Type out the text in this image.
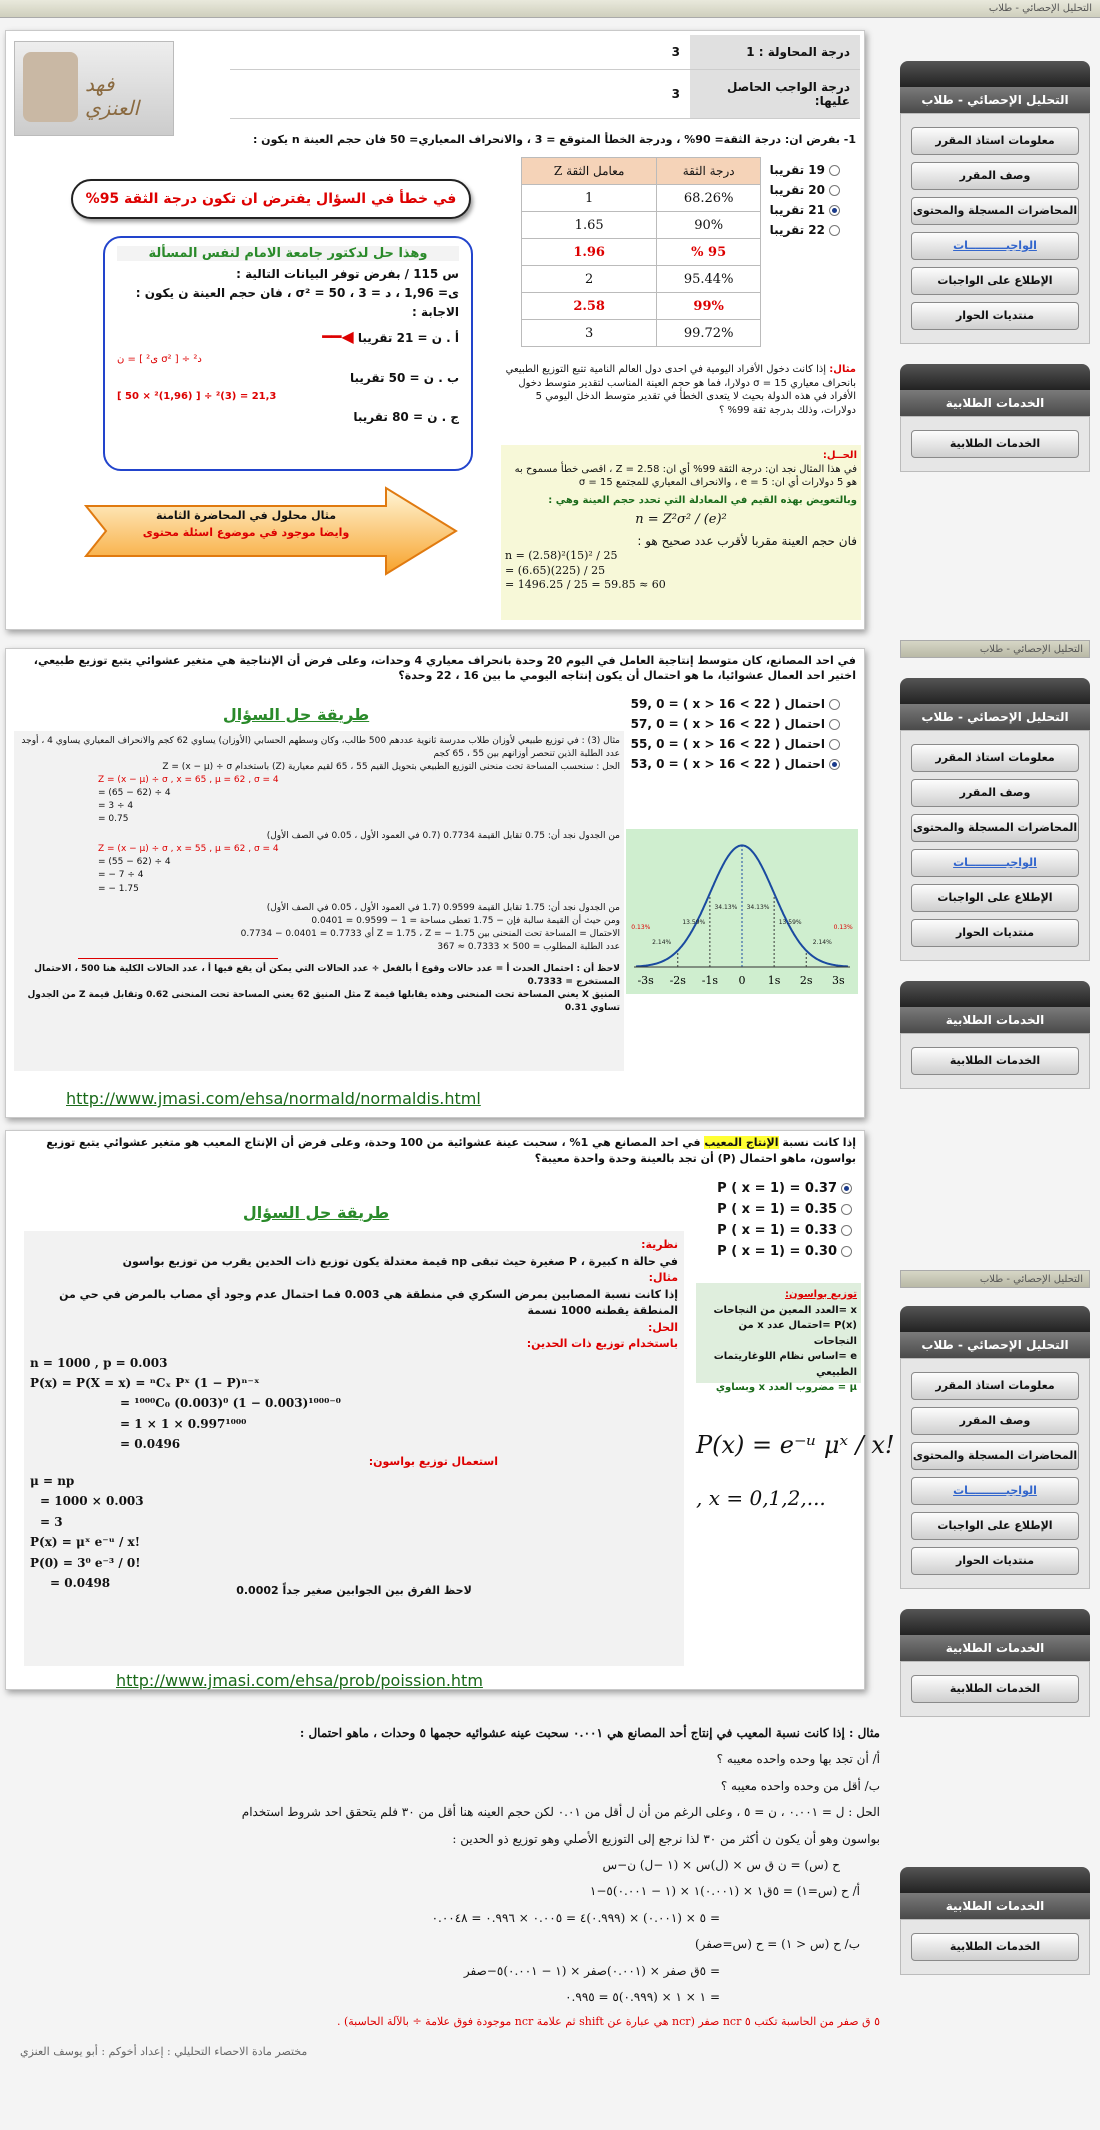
التحليل الإحصائي - طلاب
فهد العنزي
درجة المحاولة : 1	3
درجة الواجب الحاصل عليها:	3
1- بفرض ان: درجة الثقة= 90% ، ودرجة الخطأ المتوقع = 3 ، والانحراف المعياري= 50 فان حجم العينة n يكون :
19 تقريبا
20 تقريبا
21 تقريبا
22 تقريبا
درجة الثقة	معامل الثقة Z
68.26%	1
90%	1.65
95 %	1.96
95.44%	2
99%	2.58
99.72%	3
في خطأ في السؤال يفترض ان تكون درجة الثقة 95%
وهذا حل لدكتور جامعة الامام لنفس المسألة
س 115 / بفرض توفر البيانات التالية :
ى= 1,96 ، د = 3 ، σ² = 50 ، فان حجم العينة ن يكون :
الاجابة :
أ . ن = 21 تقريبا ◀━━
ن = [ ى² σ² ] ÷ د²
ب . ن = 50 تقريبا
[ 50 × ²(1,96) ] ÷ ²(3) = 21,3
ج . ن = 80 تقريبا
مثال محلول في المحاضرة الثامنة
وايضا موجود في موضوع اسئلة محتوى
مثال: إذا كانت دخول الأفراد اليومية في احدى دول العالم النامية تتبع التوزيع الطبيعي بانحراف معياري 15 = σ دولارا، فما هو حجم العينة المناسب لتقدير متوسط دخول الأفراد في هذه الدولة بحيث لا يتعدى الخطأ في تقدير متوسط الدخل اليومي 5 دولارات، وذلك بدرجة ثقة 99% ؟
الحــل:
في هذا المثال نجد ان: درجة الثقة 99% أي ان: Z = 2.58 ، اقصى خطأ مسموح به هو 5 دولارات أي ان: e = 5 ، والانحراف المعياري للمجتمع σ = 15
وبالتعويض بهذه القيم في المعادلة التي تحدد حجم العينة وهي :
n = Z²σ² / (e)²
فان حجم العينة مقربا لأقرب عدد صحيح هو :
n = (2.58)²(15)² / 25
= (6.65)(225) / 25
= 1496.25 / 25 = 59.85 ≈ 60
التحليل الإحصائي - طلاب
معلومات استاذ المقرر
وصف المقرر
المحاضرات المسجلة والمحتوى
الواجبــــــــــات
الإطلاع على الواجبات
منتديات الحوار
الخدمات الطلابية
الخدمات الطلابية
التحليل الإحصائي - طلاب
في احد المصانع، كان متوسط إنتاجية العامل في اليوم 20 وحدة بانحراف معياري 4 وحدات، وعلى فرض أن الإنتاجية هي متغير عشوائي يتبع توزيع طبيعي، اختير احد العمال عشوائيا، ما هو احتمال أن يكون إنتاجه اليومي ما بين 16 ، 22 وحدة؟
احتمال ( 22 > x > 16 ) = 59, 0
احتمال ( 22 > x > 16 ) = 57, 0
احتمال ( 22 > x > 16 ) = 55, 0
احتمال ( 22 > x > 16 ) = 53, 0
طريقة حل السؤال
مثال (3) : في توزيع طبيعي لأوزان طلاب مدرسة ثانوية عددهم 500 طالب، وكان وسطهم الحسابي (الأوزان) يساوي 62 كجم والانحراف المعياري يساوي 4 ، أوجد عدد الطلبة الذين تنحصر أوزانهم بين 55 ، 65 كجم
الحل : سنحسب المساحة تحت منحنى التوزيع الطبيعي بتحويل القيم 55 ، 65 لقيم معيارية (Z) باستخدام Z = (x − μ) ÷ σ
Z = (x − μ) ÷ σ , x = 65 , μ = 62 , σ = 4
= (65 − 62) ÷ 4
= 3 ÷ 4
= 0.75
من الجدول نجد أن: 0.75 تقابل القيمة 0.7734 (0.7 في العمود الأول ، 0.05 في الصف الأول)
Z = (x − μ) ÷ σ , x = 55 , μ = 62 , σ = 4
= (55 − 62) ÷ 4
= − 7 ÷ 4
= − 1.75
من الجدول نجد أن: 1.75 تقابل القيمة 0.9599 (1.7 في العمود الأول ، 0.05 في الصف الأول)
ومن حيث أن القيمة سالبة فإن − 1.75 تعطى مساحة = 1 − 0.9599 = 0.0401
الاحتمال = المساحة تحت المنحنى بين Z = 1.75 ، Z = − 1.75 أي 0.7733 = 0.0401 − 0.7734
عدد الطلبة المطلوب = 500 × 0.7333 ≈ 367
لاحظ أن : احتمال الحدث أ = عدد حالات وقوع أ بالفعل ÷ عدد الحالات التي يمكن أن يقع فيها أ ، عدد الحالات الكلية هنا 500 ، الاحتمال المستخرج = 0.7333
المنيق X يعني المساحة تحت المنحنى وهذه يقابلها قيمة Z مثل المنيق 62 يعني المساحة تحت المنحنى 0.62 وتقابل قيمة Z من الجدول تساوي 0.31
0.13%
2.14%
13.59%
34.13% 34.13%
13.59%
2.14%
0.13%
-3s -2s -1s 0 1s 2s 3s
http://www.jmasi.com/ehsa/normald/normaldis.html
التحليل الإحصائي - طلاب
معلومات استاذ المقرر
وصف المقرر
المحاضرات المسجلة والمحتوى
الواجبــــــــــات
الإطلاع على الواجبات
منتديات الحوار
الخدمات الطلابية
الخدمات الطلابية
إذا كانت نسبة الإنتاج المعيب في احد المصانع هي 1% ، سحبت عينة عشوائية من 100 وحدة، وعلى فرض أن الإنتاج المعيب هو متغير عشوائي يتبع توزيع بواسون، ماهو احتمال (P) أن تجد بالعينة وحدة واحدة معيبة؟
P ( x = 1) = 0.37
P ( x = 1) = 0.35
P ( x = 1) = 0.33
P ( x = 1) = 0.30
طريقة حل السؤال
نظرية:
في حالة n كبيرة ، P صغيرة حيث تبقى np قيمة معتدلة يكون توزيع ذات الحدين يقرب من توزيع بواسون
مثال:
إذا كانت نسبة المصابين بمرض السكري في منطقة هي 0.003 فما احتمال عدم وجود أي مصاب بالمرض في حي من المنطقة يقطنه 1000 نسمة
الحل:
باستخدام توزيع ذات الحدين:
n = 1000 , p = 0.003
P(x) = P(X = x) = ⁿCₓ Pˣ (1 − P)ⁿ⁻ˣ
= ¹⁰⁰⁰C₀ (0.003)⁰ (1 − 0.003)¹⁰⁰⁰⁻⁰
= 1 × 1 × 0.997¹⁰⁰⁰
= 0.0496
استعمال توزيع بواسون:
μ = np
= 1000 × 0.003
= 3
P(x) = μˣ e⁻ᵘ / x!
P(0) = 3⁰ e⁻³ / 0!
= 0.0498
لاحظ الفرق بين الجوابين صغير جداً 0.0002
توزيع بواسون:
x =العدد المعين من النجاحات
P(x) =احتمال عدد x من النجاحات
e =اساس نظام اللوغاريتمات الطبيعي
μ = مضروب العدد x وبساوي
P(x) = e⁻ᵘ μˣ / x!
, x = 0,1,2,...
http://www.jmasi.com/ehsa/prob/poission.htm
التحليل الإحصائي - طلاب
التحليل الإحصائي - طلاب
معلومات استاذ المقرر
وصف المقرر
المحاضرات المسجلة والمحتوى
الواجبــــــــــات
الإطلاع على الواجبات
منتديات الحوار
الخدمات الطلابية
الخدمات الطلابية
الخدمات الطلابية
الخدمات الطلابية
مثال : إذا كانت نسبة المعيب في إنتاج أحد المصانع هي ٠.٠٠١ سحبت عينه عشوائيه حجمها ٥ وحدات ، ماهو احتمال :
أ/ أن تجد بها وحده واحده معيبه ؟
ب/ أقل من وحده واحده معيبه ؟
الحل : ل = ٠.٠٠١ ، ن = ٥ ، وعلى الرغم من أن ل أقل من ٠.٠١ لكن حجم العينه هنا أقل من ٣٠ فلم يتحقق احد شروط استخدام
بواسون وهو أن يكون ن أكثر من ٣٠ لذا نرجع إلى التوزيع الأصلي وهو توزيع ذو الحدين :
ح (س) = ن ق س × (ل)س × (١ −ل) ن−س
أ/ ح (س=١) = ٥ق١ × (٠.٠٠١)١ × (١ − ٠.٠٠١)٥−١
= ٥ × (٠.٠٠١) × (٠.٩٩٩)٤ = ٠.٠٠٥ × ٠.٩٩٦ = ٠.٠٠٤٨
ب/ ح (س < ١) = ح (س=صفر)
= ٥ق صفر × (٠.٠٠١)صفر × (١ − ٠.٠٠١)٥−صفر
= ١ × ١ × (٠.٩٩٩)٥ = ٠.٩٩٥
٥ ق صفر من الحاسبة تكتب ٥ ncr صفر (ncr هي عبارة عن shift ثم علامة ncr موجودة فوق علامة ÷ بالآلة الحاسبة) .
مختصر مادة الاحصاء التحليلي : إعداد أخوكم : أبو يوسف العنزي
